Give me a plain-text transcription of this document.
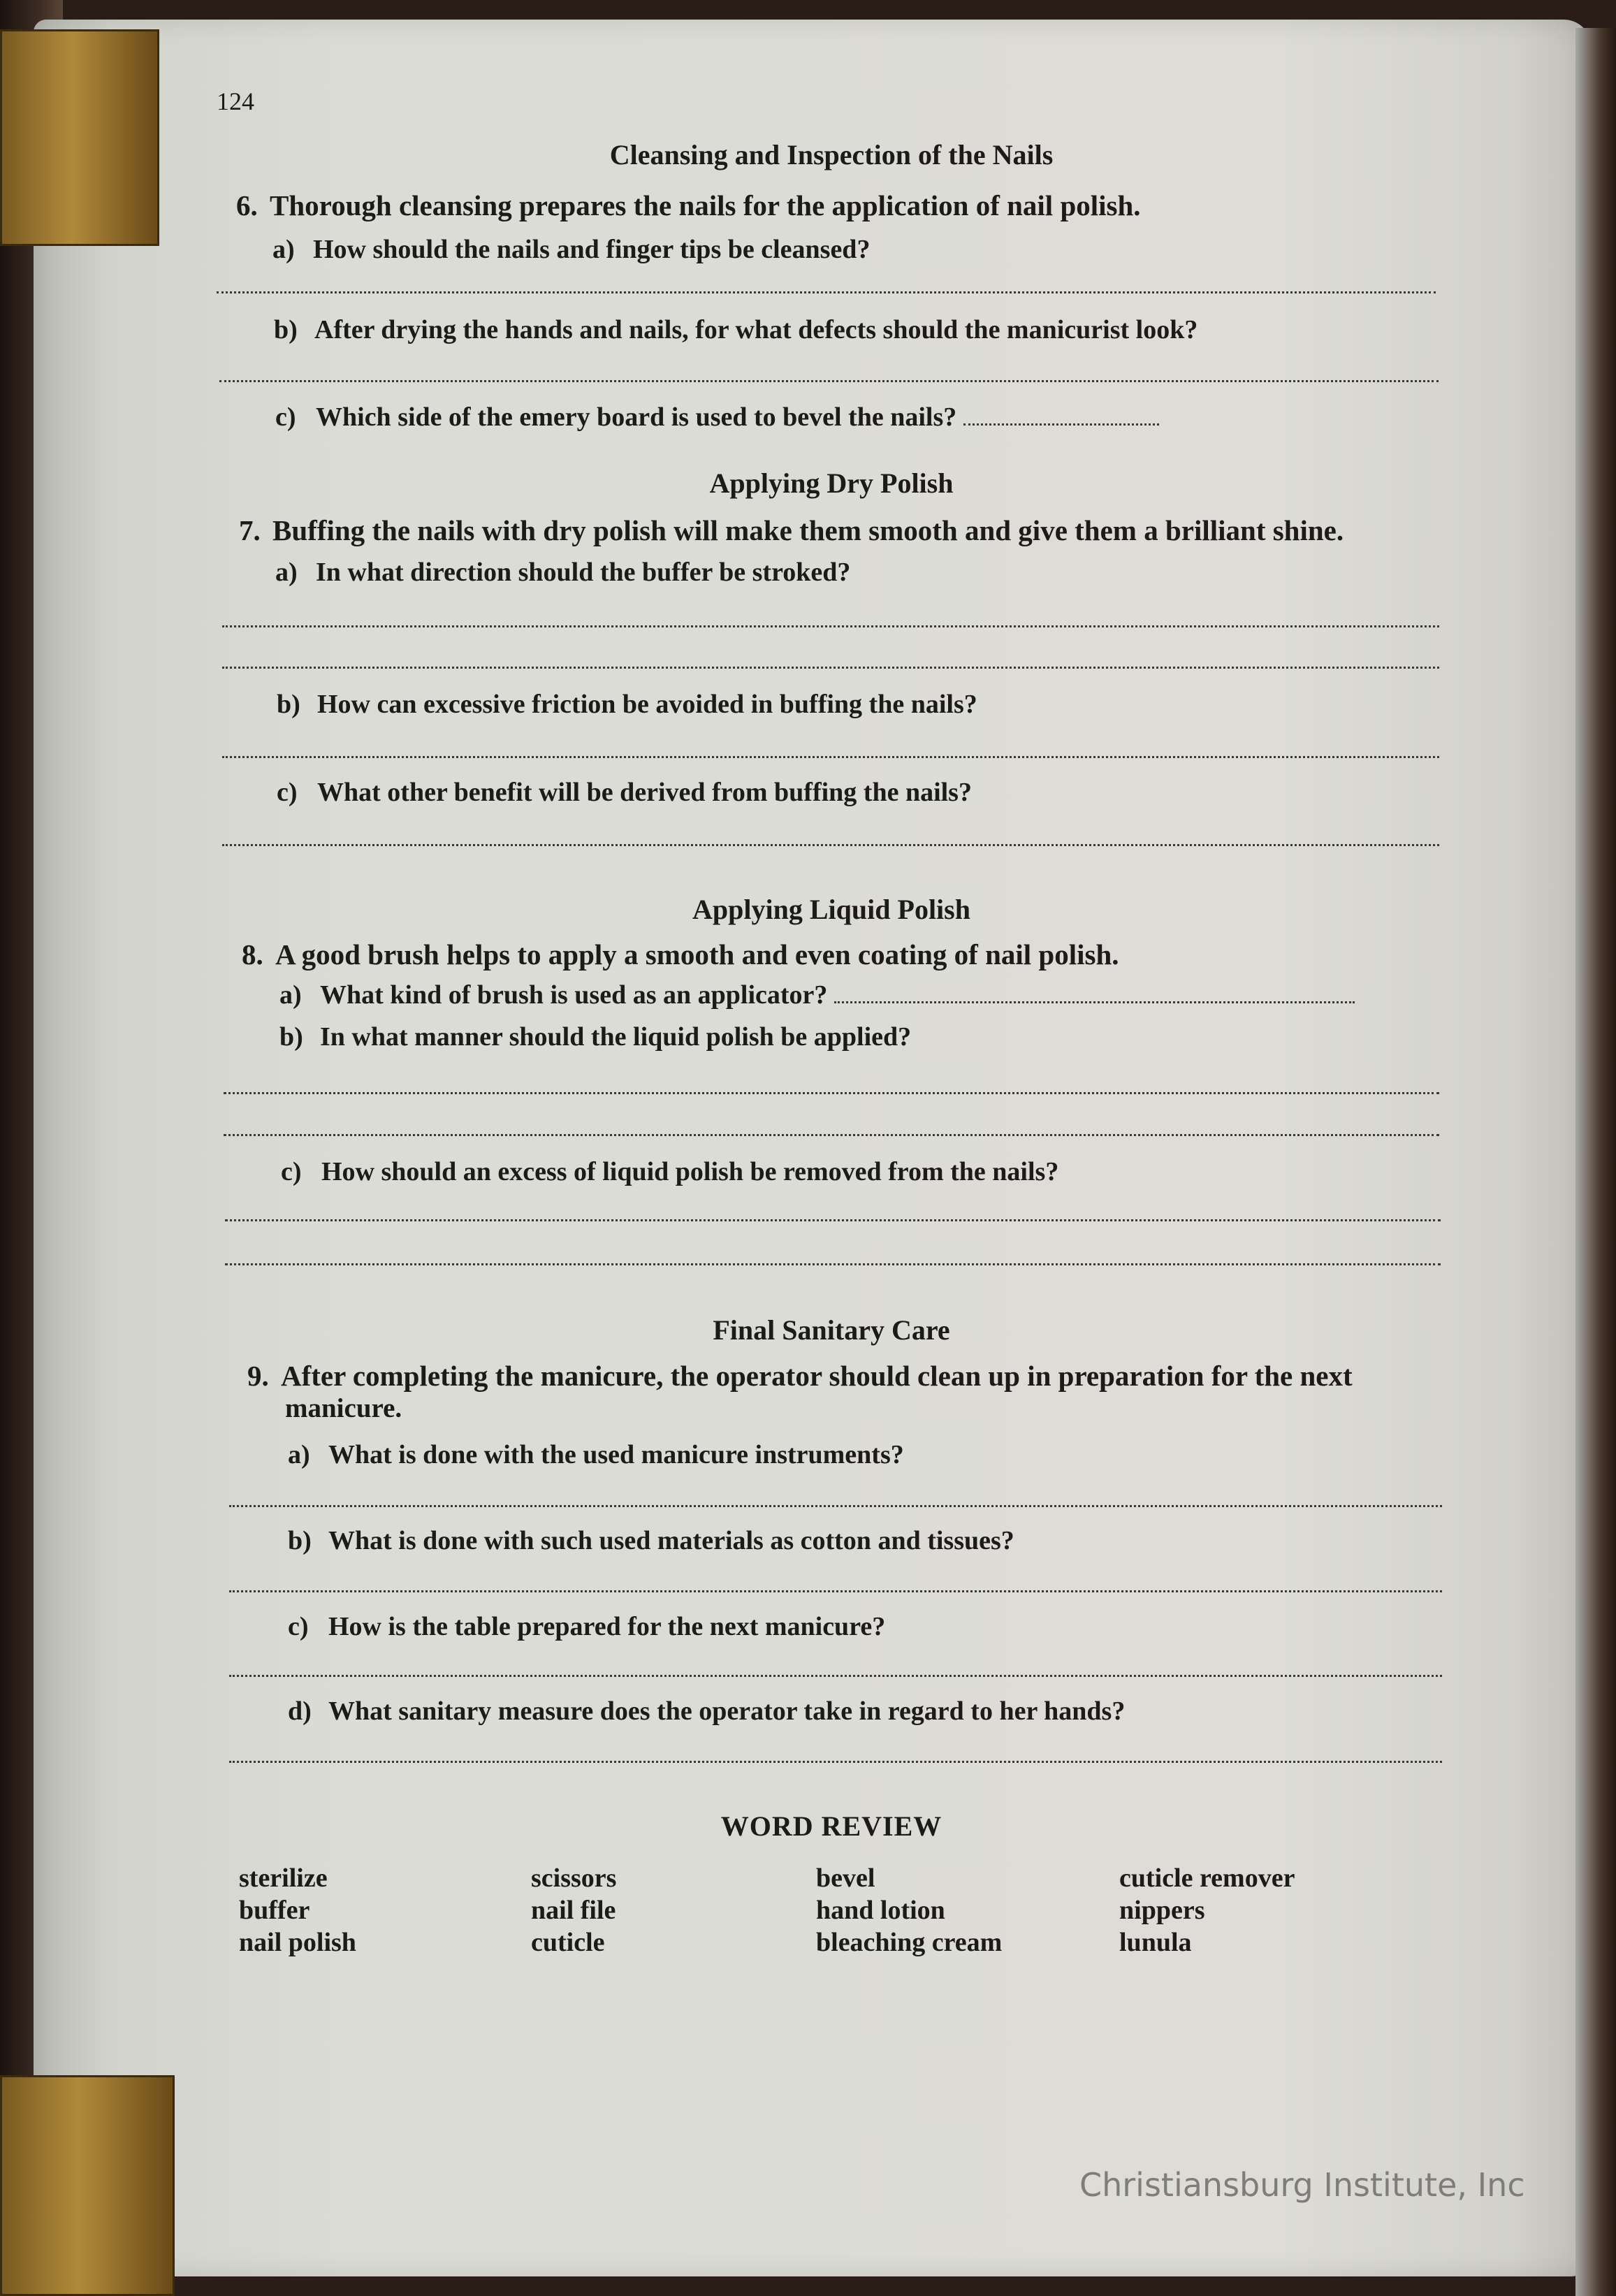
124

Cleansing and Inspection of the Nails

6. Thorough cleansing prepares the nails for the application of nail polish.

a) How should the nails and finger tips be cleansed?

b) After drying the hands and nails, for what defects should the manicurist look?

c) Which side of the emery board is used to bevel the nails?

Applying Dry Polish

7. Buffing the nails with dry polish will make them smooth and give them a brilliant shine.

a) In what direction should the buffer be stroked?

b) How can excessive friction be avoided in buffing the nails?

c) What other benefit will be derived from buffing the nails?

Applying Liquid Polish

8. A good brush helps to apply a smooth and even coating of nail polish.

a) What kind of brush is used as an applicator?

b) In what manner should the liquid polish be applied?

c) How should an excess of liquid polish be removed from the nails?

Final Sanitary Care

9. After completing the manicure, the operator should clean up in preparation for the next

manicure.

a) What is done with the used manicure instruments?

b) What is done with such used materials as cotton and tissues?

c) How is the table prepared for the next manicure?

d) What sanitary measure does the operator take in regard to her hands?

WORD REVIEW
sterilize
buffer
nail polish
scissors
nail file
cuticle
bevel
hand lotion
bleaching cream
cuticle remover
nippers
lunula

Christiansburg Institute, Inc
